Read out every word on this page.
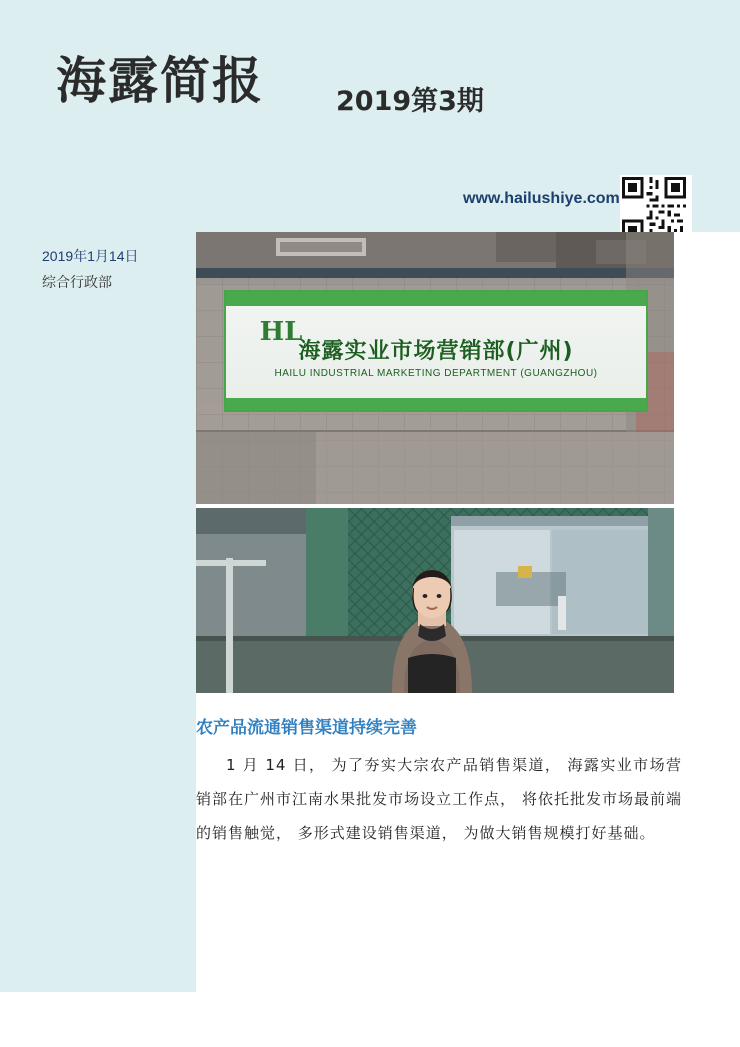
海露简报	2019第3期
www.hailushiye.com
2019年1月14日
综合行政部
HL
海露实业市场营销部(广州)
HAILU INDUSTRIAL MARKETING DEPARTMENT (GUANGZHOU)
农产品流通销售渠道持续完善
1 月 14 日， 为了夯实大宗农产品销售渠道， 海露实业市场营销部在广州市江南水果批发市场设立工作点， 将依托批发市场最前端的销售触觉， 多形式建设销售渠道， 为做大销售规模打好基础。
